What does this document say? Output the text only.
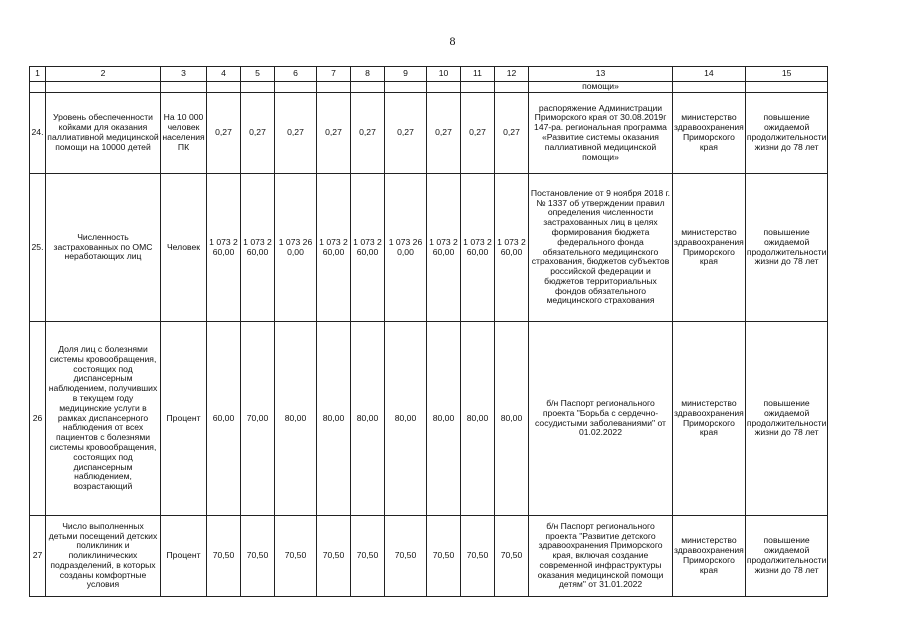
8
1	2	3	4	5	6	7	8	9	10	11	12	13	14	15
												помощи»		
24.	Уровень обеспеченности койками для оказания паллиативной медицинской помощи на 10000 детей	На 10 000 человек населения ПК	0,27	0,27	0,27	0,27	0,27	0,27	0,27	0,27	0,27	распоряжение Администрации Приморского края от 30.08.2019г 147-ра. региональная программа «Развитие системы оказания паллиативной медицинской помощи»	министерство здравоохранения Приморского края	повышение ожидаемой продолжительности жизни до 78 лет
25.	Численность застрахованных по ОМС неработающих лиц	Человек	1 073 260,00	1 073 260,00	1 073 260,00	1 073 260,00	1 073 260,00	1 073 260,00	1 073 260,00	1 073 260,00	1 073 260,00	Постановление от 9 ноября 2018 г. № 1337 об утверждении правил определения численности застрахованных лиц в целях формирования бюджета федерального фонда обязательного медицинского страхования, бюджетов субъектов российской федерации и бюджетов территориальных фондов обязательного медицинского страхования	министерство здравоохранения Приморского края	повышение ожидаемой продолжительности жизни до 78 лет
26	Доля лиц с болезнями системы кровообращения, состоящих под диспансерным наблюдением, получивших в текущем году медицинские услуги в рамках диспансерного наблюдения от всех пациентов с болезнями системы кровообращения, состоящих под диспансерным наблюдением, возрастающий	Процент	60,00	70,00	80,00	80,00	80,00	80,00	80,00	80,00	80,00	б/н Паспорт регионального проекта "Борьба с сердечно-сосудистыми заболеваниями" от 01.02.2022	министерство здравоохранения Приморского края	повышение ожидаемой продолжительности жизни до 78 лет
27	Число выполненных детьми посещений детских поликлиник и поликлинических подразделений, в которых созданы комфортные условия	Процент	70,50	70,50	70,50	70,50	70,50	70,50	70,50	70,50	70,50	б/н Паспорт регионального проекта "Развитие детского здравоохранения Приморского края, включая создание современной инфраструктуры оказания медицинской помощи детям" от 31.01.2022	министерство здравоохранения Приморского края	повышение ожидаемой продолжительности жизни до 78 лет
